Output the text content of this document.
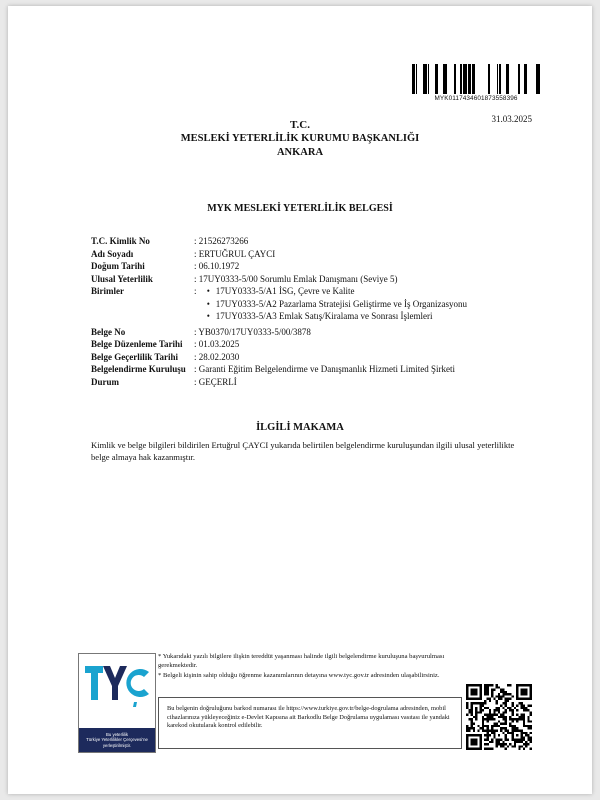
MYK0117434601873558396
31.03.2025
T.C.
MESLEKİ YETERLİLİK KURUMU BAŞKANLIĞI
ANKARA
MYK MESLEKİ YETERLİLİK BELGESİ
T.C. Kimlik No	: 21526273266
Adı Soyadı	: ERTUĞRUL ÇAYCI
Doğum Tarihi	: 06.10.1972
Ulusal Yeterlilik	: 17UY0333-5/00 Sorumlu Emlak Danışmanı (Seviye 5)
Birimler	:
•	17UY0333-5/A1 İSG, Çevre ve Kalite
• 17UY0333-5/A2 Pazarlama Stratejisi Geliştirme ve İş Organizasyonu
• 17UY0333-5/A3 Emlak Satış/Kiralama ve Sonrası İşlemleri
Belge No	: YB0370/17UY0333-5/00/3878
Belge Düzenleme Tarihi	: 01.03.2025
Belge Geçerlilik Tarihi	: 28.02.2030
Belgelendirme Kuruluşu : Garanti Eğitim Belgelendirme ve Danışmanlık Hizmeti Limited Şirketi
Durum	: GEÇERLİ
İLGİLİ MAKAMA
Kimlik ve belge bilgileri bildirilen Ertuğrul ÇAYCI yukarıda belirtilen belgelendirme kuruluşundan ilgili ulusal yeterlilikte belge almaya hak kazanmıştır.
Bu yeterlilik
Türkiye Yeterlilikler Çerçevesi'ne
yerleştirilmiştir.

* Yukarıdaki yazılı bilgilere ilişkin tereddüt yaşanması halinde ilgili belgelendirme kuruluşuna başvurulması gerekmektedir.

* Belgeli kişinin sahip olduğu öğrenme kazanımlarının detayına www.tyc.gov.tr adresinden ulaşabilirsiniz.

Bu belgenin doğruluğunu barkod numarası ile https://www.turkiye.gov.tr/belge-dogrulama adresinden, mobil cihazlarınıza yükleyeceğiniz e-Devlet Kapısına ait Barkodlu Belge Doğrulama uygulaması vasıtası ile yandaki karekod okutularak kontrol edilebilir.
